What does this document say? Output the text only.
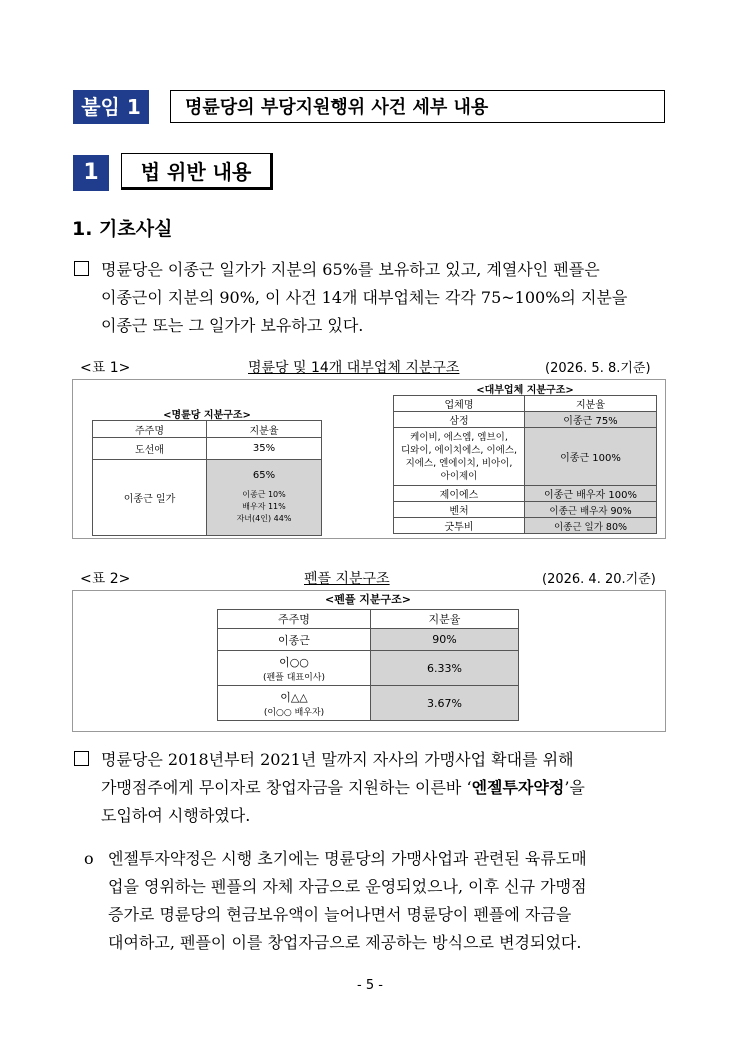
붙임 1	명륜당의 부당지원행위 사건 세부 내용
1	법 위반 내용
1. 기초사실

명륜당은 이종근 일가가 지분의 65%를 보유하고 있고, 계열사인 펜플은

이종근이 지분의 90%, 이 사건 14개 대부업체는 각각 75~100%의 지분을

이종근 또는 그 일가가 보유하고 있다.

<표 1>	명륜당 및 14개 대부업체 지분구조	(2026. 5. 8.기준)
<명륜당 지분구조>
주주명	지분율
도선애	35%
이종근 일가	65%
이종근 10%
배우자 11%
자녀(4인) 44%
<대부업체 지분구조>
업체명	지분율
삼정	이종근 75%

케이비, 에스엠, 엠브이,
디와이, 에이치에스, 이에스,
지에스, 엔에이치, 비아이,
아이제이	이종근 100%
제이에스	이종근 배우자 100%
벤처	이종근 배우자 90%
굿투비	이종근 일가 80%
<표 2>	펜플 지분구조	(2026. 4. 20.기준)
<펜플 지분구조>
주주명	지분율
이종근	90%

이○○
(펜플 대표이사)	6.33%

이△△
(이○○ 배우자)	3.67%

명륜당은 2018년부터 2021년 말까지 자사의 가맹사업 확대를 위해

가맹점주에게 무이자로 창업자금을 지원하는 이른바 ‘엔젤투자약정’을

도입하여 시행하였다.

o 엔젤투자약정은 시행 초기에는 명륜당의 가맹사업과 관련된 육류도매

업을 영위하는 펜플의 자체 자금으로 운영되었으나, 이후 신규 가맹점

증가로 명륜당의 현금보유액이 늘어나면서 명륜당이 펜플에 자금을

대여하고, 펜플이 이를 창업자금으로 제공하는 방식으로 변경되었다.

- 5 -
